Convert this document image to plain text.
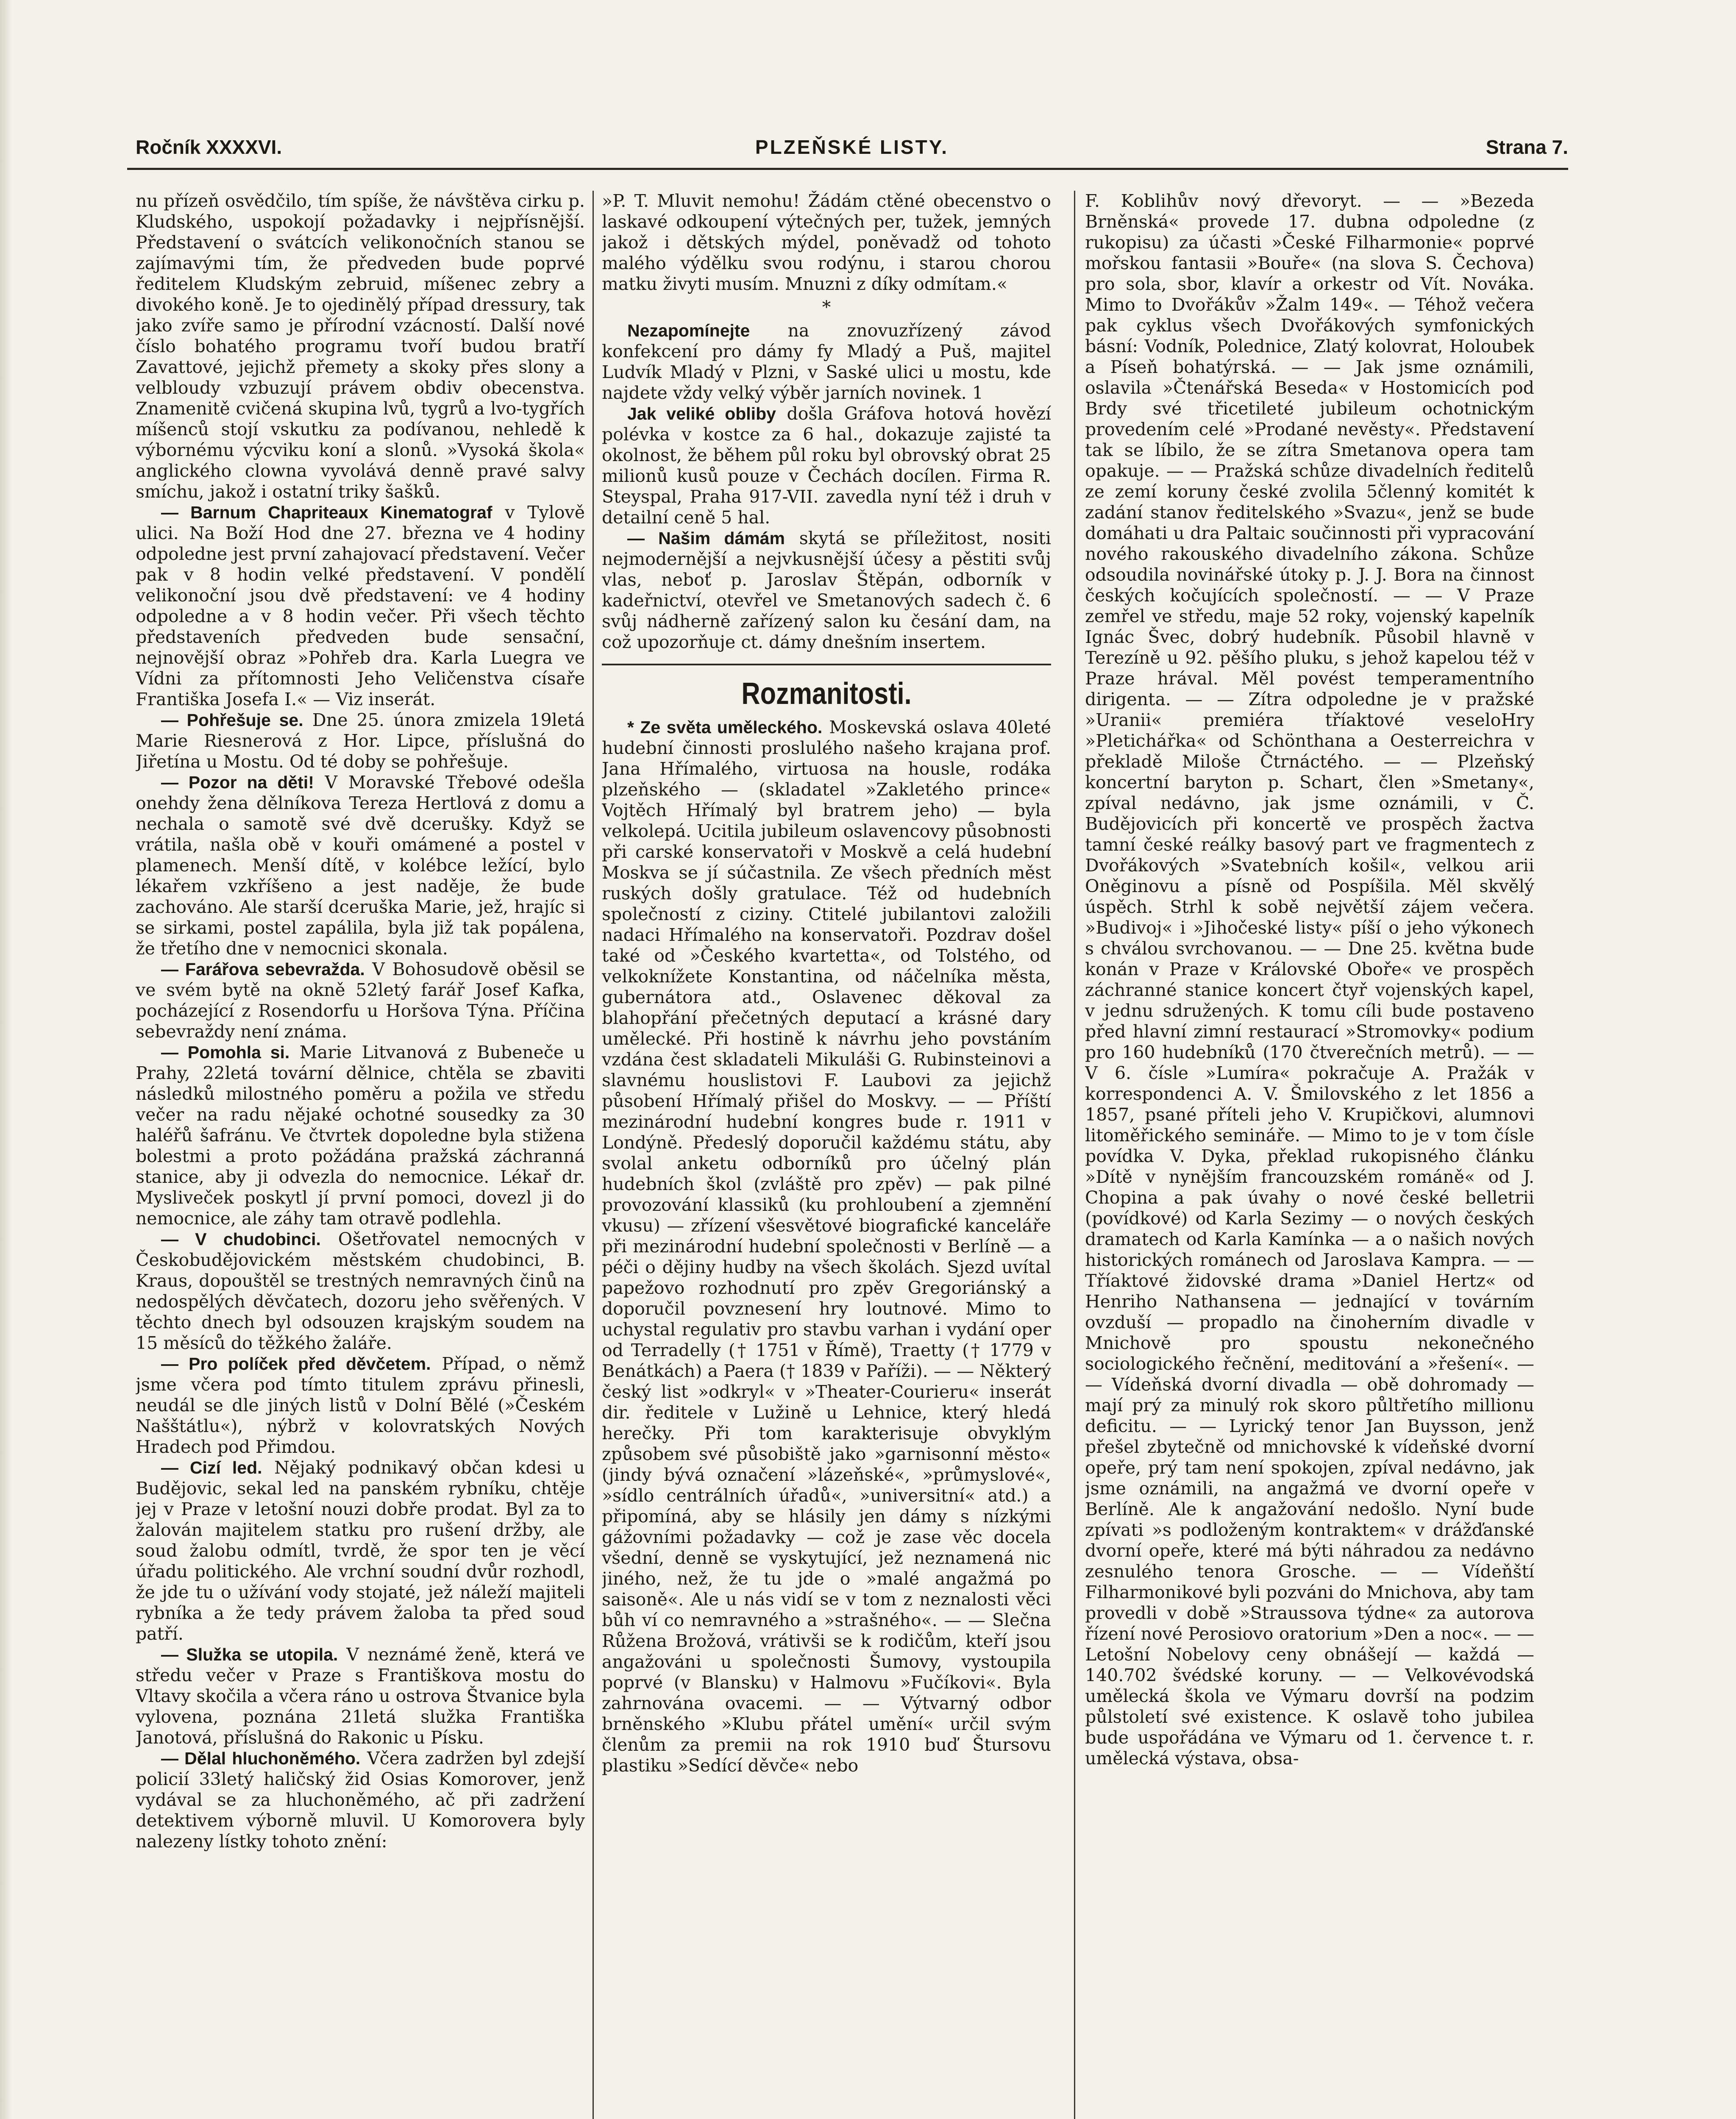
Ročník XXXXVI.	PLZEŇSKÉ LISTY.	Strana 7.

nu přízeň osvědčilo, tím spíše, že návštěva cirku p. Kludského, uspokojí požadavky i nejpřísnější. Představení o svátcích velikonočních stanou se zajímavými tím, že předveden bude poprvé ředitelem Kludským zebruid, míšenec zebry a divokého koně. Je to ojedinělý případ dressury, tak jako zvíře samo je přírodní vzácností. Další nové číslo bohatého programu tvoří budou bratří Zavattové, jejichž přemety a skoky přes slony a velbloudy vzbuzují právem obdiv obecenstva. Znamenitě cvičená skupina lvů, tygrů a lvo-tygřích míšenců stojí vskutku za podívanou, nehledě k výbornému výcviku koní a slonů. »Vysoká škola« anglického clowna vyvolává denně pravé salvy smíchu, jakož i ostatní triky šašků.

— Barnum Chapriteaux Kinematograf v Tylově ulici. Na Boží Hod dne 27. března ve 4 hodiny odpoledne jest první zahajovací představení. Večer pak v 8 hodin velké představení. V pondělí velikonoční jsou dvě představení: ve 4 hodiny odpoledne a v 8 hodin večer. Při všech těchto představeních předveden bude sensační, nejnovější obraz »Pohřeb dra. Karla Luegra ve Vídni za přítomnosti Jeho Veličenstva císaře Františka Josefa I.« — Viz inserát.

— Pohřešuje se. Dne 25. února zmizela 19letá Marie Riesnerová z Hor. Lipce, příslušná do Jiřetína u Mostu. Od té doby se pohřešuje.

— Pozor na děti! V Moravské Třebové odešla onehdy žena dělníkova Tereza Hertlová z domu a nechala o samotě své dvě dcerušky. Když se vrátila, našla obě v kouři omámené a postel v plamenech. Menší dítě, v kolébce ležící, bylo lékařem vzkříšeno a jest naděje, že bude zachováno. Ale starší dceruška Marie, jež, hrajíc si se sirkami, postel zapálila, byla již tak popálena, že třetího dne v nemocnici skonala.

— Farářova sebevražda. V Bohosudově oběsil se ve svém bytě na okně 52letý farář Josef Kafka, pocházející z Rosendorfu u Horšova Týna. Příčina sebevraždy není známa.

— Pomohla si. Marie Litvanová z Bubeneče u Prahy, 22letá tovární dělnice, chtěla se zbaviti následků milostného poměru a požila ve středu večer na radu nějaké ochotné sousedky za 30 haléřů šafránu. Ve čtvrtek dopoledne byla stižena bolestmi a proto požádána pražská záchranná stanice, aby ji odvezla do nemocnice. Lékař dr. Mysliveček poskytl jí první pomoci, dovezl ji do nemocnice, ale záhy tam otravě podlehla.

— V chudobinci. Ošetřovatel nemocných v Českobudějovickém městském chudobinci, B. Kraus, dopouštěl se trestných nemravných činů na nedospělých děvčatech, dozoru jeho svěřených. V těchto dnech byl odsouzen krajským soudem na 15 měsíců do těžkého žaláře.

— Pro políček před děvčetem. Případ, o němž jsme včera pod tímto titulem zprávu přinesli, neudál se dle jiných listů v Dolní Bělé (»Českém Našštátlu«), nýbrž v kolovratských Nových Hradech pod Přimdou.

— Cizí led. Nějaký podnikavý občan kdesi u Budějovic, sekal led na panském rybníku, chtěje jej v Praze v letošní nouzi dobře prodat. Byl za to žalován majitelem statku pro rušení držby, ale soud žalobu odmítl, tvrdě, že spor ten je věcí úřadu politického. Ale vrchní soudní dvůr rozhodl, že jde tu o užívání vody stojaté, jež náleží majiteli rybníka a že tedy právem žaloba ta před soud patří.

— Služka se utopila. V neznámé ženě, která ve středu večer v Praze s Františkova mostu do Vltavy skočila a včera ráno u ostrova Štvanice byla vylovena, poznána 21letá služka Františka Janotová, příslušná do Rakonic u Písku.

— Dělal hluchoněmého. Včera zadržen byl zdejší policií 33letý haličský žid Osias Komorover, jenž vydával se za hluchoněmého, ač při zadržení detektivem výborně mluvil. U Komorovera byly nalezeny lístky tohoto znění:

»P. T. Mluvit nemohu! Žádám ctěné obecenstvo o laskavé odkoupení výtečných per, tužek, jemných jakož i dětských mýdel, poněvadž od tohoto malého výdělku svou rodýnu, i starou chorou matku živyti musím. Mnuzni z díky odmítam.«

*

Nezapomínejte na znovuzřízený závod konfekcení pro dámy fy Mladý a Puš, majitel Ludvík Mladý v Plzni, v Saské ulici u mostu, kde najdete vždy velký výběr jarních novinek. 1

Jak veliké obliby došla Gráfova hotová hovězí polévka v kostce za 6 hal., dokazuje zajisté ta okolnost, že během půl roku byl obrovský obrat 25 milionů kusů pouze v Čechách docílen. Firma R. Steyspal, Praha 917-VII. zavedla nyní též i druh v detailní ceně 5 hal.

— Našim dámám skytá se příležitost, nositi nejmodernější a nejvkusnější účesy a pěstiti svůj vlas, neboť p. Jaroslav Štěpán, odborník v kadeřnictví, otevřel ve Smetanových sadech č. 6 svůj nádherně zařízený salon ku česání dam, na což upozorňuje ct. dámy dnešním insertem.

Rozmanitosti.

* Ze světa uměleckého. Moskevská oslava 40leté hudební činnosti proslulého našeho krajana prof. Jana Hřímalého, virtuosa na housle, rodáka plzeňského — (skladatel »Zakletého prince« Vojtěch Hřímalý byl bratrem jeho) — byla velkolepá. Ucitila jubileum oslavencovy působnosti při carské konservatoři v Moskvě a celá hudební Moskva se jí súčastnila. Ze všech předních měst ruských došly gratulace. Též od hudebních společností z ciziny. Ctitelé jubilantovi založili nadaci Hřímalého na konservatoři. Pozdrav došel také od »Českého kvartetta«, od Tolstého, od velkoknížete Konstantina, od náčelníka města, gubernátora atd., Oslavenec děkoval za blahopřání přečetných deputací a krásné dary umělecké. Při hostině k návrhu jeho povstáním vzdána čest skladateli Mikuláši G. Rubinsteinovi a slavnému houslistovi F. Laubovi za jejichž působení Hřímalý přišel do Moskvy. — — Příští mezinárodní hudební kongres bude r. 1911 v Londýně. Předeslý doporučil každému státu, aby svolal anketu odborníků pro účelný plán hudebních škol (zvláště pro zpěv) — pak pilné provozování klassiků (ku prohloubení a zjemnění vkusu) — zřízení všesvětové biografické kanceláře při mezinárodní hudební společnosti v Berlíně — a péči o dějiny hudby na všech školách. Sjezd uvítal papežovo rozhodnutí pro zpěv Gregoriánský a doporučil povznesení hry loutnové. Mimo to uchystal regulativ pro stavbu varhan i vydání oper od Terradelly († 1751 v Římě), Traetty († 1779 v Benátkách) a Paera († 1839 v Paříži). — — Některý český list »odkryl« v »Theater-Courieru« inserát dir. ředitele v Lužině u Lehnice, který hledá herečky. Při tom karakterisuje obvyklým způsobem své působiště jako »garnisonní město« (jindy bývá označení »lázeňské«, »průmyslové«, »sídlo centrálních úřadů«, »universitní« atd.) a připomíná, aby se hlásily jen dámy s nízkými gážovními požadavky — což je zase věc docela všední, denně se vyskytující, jež neznamená nic jiného, než, že tu jde o »malé angažmá po saisoně«. Ale u nás vidí se v tom z neznalosti věci bůh ví co nemravného a »strašného«. — — Slečna Růžena Brožová, vrátivši se k rodičům, kteří jsou angažováni u společnosti Šumovy, vystoupila poprvé (v Blansku) v Halmovu »Fučíkovi«. Byla zahrnována ovacemi. — — Výtvarný odbor brněnského »Klubu přátel umění« určil svým členům za premii na rok 1910 buď Štursovu plastiku »Sedící děvče« nebo

F. Koblihův nový dřevoryt. — — »Bezeda Brněnská« provede 17. dubna odpoledne (z rukopisu) za účasti »České Filharmonie« poprvé mořskou fantasii »Bouře« (na slova S. Čechova) pro sola, sbor, klavír a orkestr od Vít. Nováka. Mimo to Dvořákův »Žalm 149«. — Téhož večera pak cyklus všech Dvořákových symfonických básní: Vodník, Polednice, Zlatý kolovrat, Holoubek a Píseň bohatýrská. — — Jak jsme oznámili, oslavila »Čtenářská Beseda« v Hostomicích pod Brdy své třicetileté jubileum ochotnickým provedením celé »Prodané nevěsty«. Představení tak se líbilo, že se zítra Smetanova opera tam opakuje. — — Pražská schůze divadelních ředitelů ze zemí koruny české zvolila 5členný komitét k zadání stanov ředitelského »Svazu«, jenž se bude domáhati u dra Paltaic součinnosti při vypracování nového rakouského divadelního zákona. Schůze odsoudila novinářské útoky p. J. J. Bora na činnost českých kočujících společností. — — V Praze zemřel ve středu, maje 52 roky, vojenský kapelník Ignác Švec, dobrý hudebník. Působil hlavně v Terezíně u 92. pěšího pluku, s jehož kapelou též v Praze hrával. Měl povést temperamentního dirigenta. — — Zítra odpoledne je v pražské »Uranii« premiéra tříaktové veseloHry »Pletichářka« od Schönthana a Oesterreichra v překladě Miloše Čtrnáctého. — — Plzeňský koncertní baryton p. Schart, člen »Smetany«, zpíval nedávno, jak jsme oznámili, v Č. Budějovicích při koncertě ve prospěch žactva tamní české reálky basový part ve fragmentech z Dvořákových »Svatebních košil«, velkou arii Oněginovu a písně od Pospíšila. Měl skvělý úspěch. Strhl k sobě největší zájem večera. »Budivoj« i »Jihočeské listy« píší o jeho výkonech s chválou svrchovanou. — — Dne 25. května bude konán v Praze v Královské Oboře« ve prospěch záchranné stanice koncert čtyř vojenských kapel, v jednu sdružených. K tomu cíli bude postaveno před hlavní zimní restaurací »Stromovky« podium pro 160 hudebníků (170 čtverečních metrů). — — V 6. čísle »Lumíra« pokračuje A. Pražák v korrespondenci A. V. Šmilovského z let 1856 a 1857, psané příteli jeho V. Krupičkovi, alumnovi litoměřického semináře. — Mimo to je v tom čísle povídka V. Dyka, překlad rukopisného článku »Dítě v nynějším francouzském románě« od J. Chopina a pak úvahy o nové české belletrii (povídkové) od Karla Sezimy — o nových českých dramatech od Karla Kamínka — a o našich nových historických románech od Jaroslava Kampra. — — Tříaktové židovské drama »Daniel Hertz« od Henriho Nathansena — jednající v továrním ovzduší — propadlo na činoherním divadle v Mnichově pro spoustu nekonečného sociologického řečnění, meditování a »řešení«. — — Vídeňská dvorní divadla — obě dohromady — mají prý za minulý rok skoro půltřetího millionu deficitu. — — Lyrický tenor Jan Buysson, jenž přešel zbytečně od mnichovské k vídeňské dvorní opeře, prý tam není spokojen, zpíval nedávno, jak jsme oznámili, na angažmá ve dvorní opeře v Berlíně. Ale k angažování nedošlo. Nyní bude zpívati »s podloženým kontraktem« v drážďanské dvorní opeře, které má býti náhradou za nedávno zesnulého tenora Grosche. — — Vídeňští Filharmonikové byli pozváni do Mnichova, aby tam provedli v době »Straussova týdne« za autorova řízení nové Perosiovo oratorium »Den a noc«. — — Letošní Nobelovy ceny obnášejí — každá — 140.702 švédské koruny. — — Velkovévodská umělecká škola ve Výmaru dovrší na podzim půlstoletí své existence. K oslavě toho jubilea bude uspořádána ve Výmaru od 1. července t. r. umělecká výstava, obsa-
